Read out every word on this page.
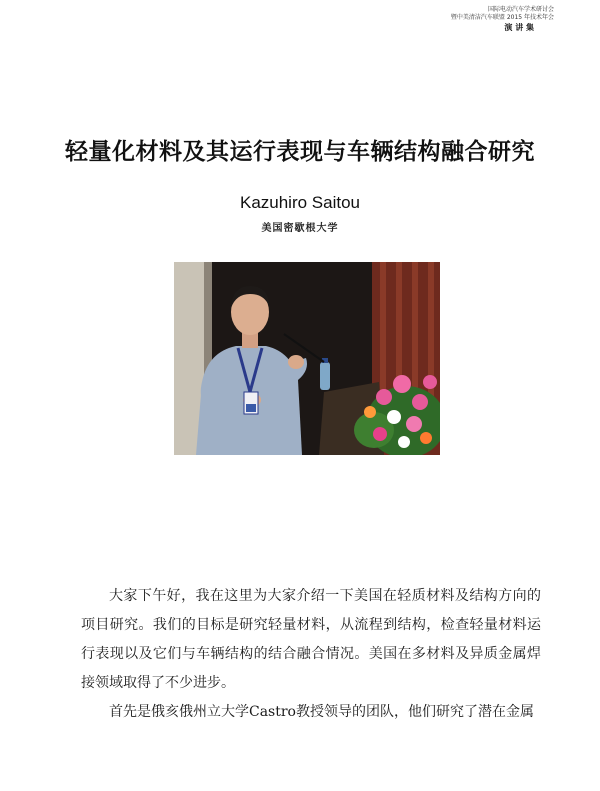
国际电动汽车学术研讨会
暨中美清洁汽车联盟 2015 年技术年会
演 讲 集
轻量化材料及其运行表现与车辆结构融合研究
Kazuhiro Saitou
美国密歇根大学

大家下午好，我在这里为大家介绍一下美国在轻质材料及结构方向的项目研究。我们的目标是研究轻量材料，从流程到结构，检查轻量材料运行表现以及它们与车辆结构的结合融合情况。美国在多材料及异质金属焊接领域取得了不少进步。

首先是俄亥俄州立大学Castro教授领导的团队，他们研究了潜在金属
